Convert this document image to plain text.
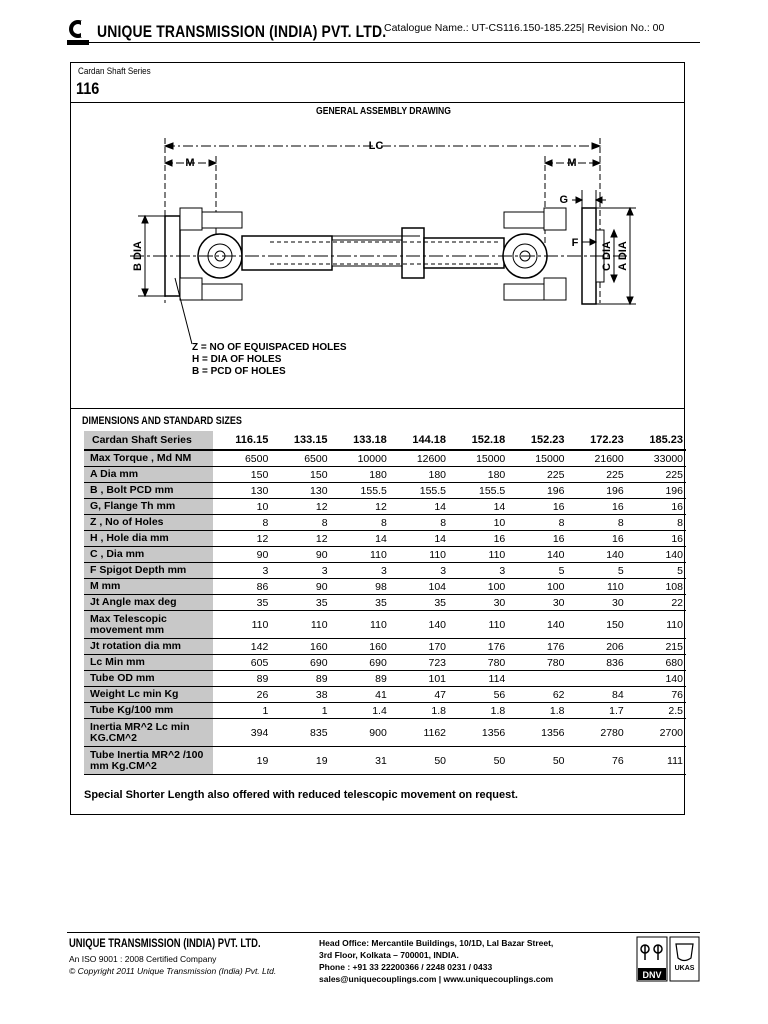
UNIQUE TRANSMISSION (INDIA) PVT. LTD.
Catalogue Name.: UT-CS116.150-185.225| Revision No.: 00
Cardan Shaft Series
116
GENERAL ASSEMBLY DRAWING
LC
M	M
G
F
B DIA	C DIA A DIA
Z = NO OF EQUISPACED HOLES
H = DIA OF HOLES
B = PCD OF HOLES
DIMENSIONS AND STANDARD SIZES
Cardan Shaft Series	116.15	133.15	133.18	144.18	152.18	152.23	172.23	185.23
Max Torque , Md NM	6500	6500	10000	12600	15000	15000	21600	33000
A Dia mm	150	150	180	180	180	225	225	225
B , Bolt PCD mm	130	130	155.5	155.5	155.5	196	196	196
G, Flange Th mm	10	12	12	14	14	16	16	16
Z , No of Holes	8	8	8	8	10	8	8	8
H , Hole dia mm	12	12	14	14	16	16	16	16
C , Dia mm	90	90	110	110	110	140	140	140
F Spigot Depth mm	3	3	3	3	3	5	5	5
M mm	86	90	98	104	100	100	110	108
Jt Angle max deg	35	35	35	35	30	30	30	22
Max Telescopic movement mm	110	110	110	140	110	140	150	110
Jt rotation dia mm	142	160	160	170	176	176	206	215
Lc Min mm	605	690	690	723	780	780	836	680
Tube OD mm	89	89	89	101	114			140
Weight Lc min Kg	26	38	41	47	56	62	84	76
Tube Kg/100 mm	1	1	1.4	1.8	1.8	1.8	1.7	2.5
Inertia MR^2 Lc min KG.CM^2	394	835	900	1162	1356	1356	2780	2700
Tube Inertia MR^2 /100 mm Kg.CM^2	19	19	31	50	50	50	76	111
Special Shorter Length also offered with reduced telescopic movement on request.
UNIQUE TRANSMISSION (INDIA) PVT. LTD.
An ISO 9001 : 2008 Certified Company
© Copyright 2011 Unique Transmission (India) Pvt. Ltd.
Head Office: Mercantile Buildings, 10/1D, Lal Bazar Street,
3rd Floor, Kolkata – 700001, INDIA.
Phone : +91 33 22200366 / 2248 0231 / 0433
sales@uniquecouplings.com | www.uniquecouplings.com	DNV
UKAS
